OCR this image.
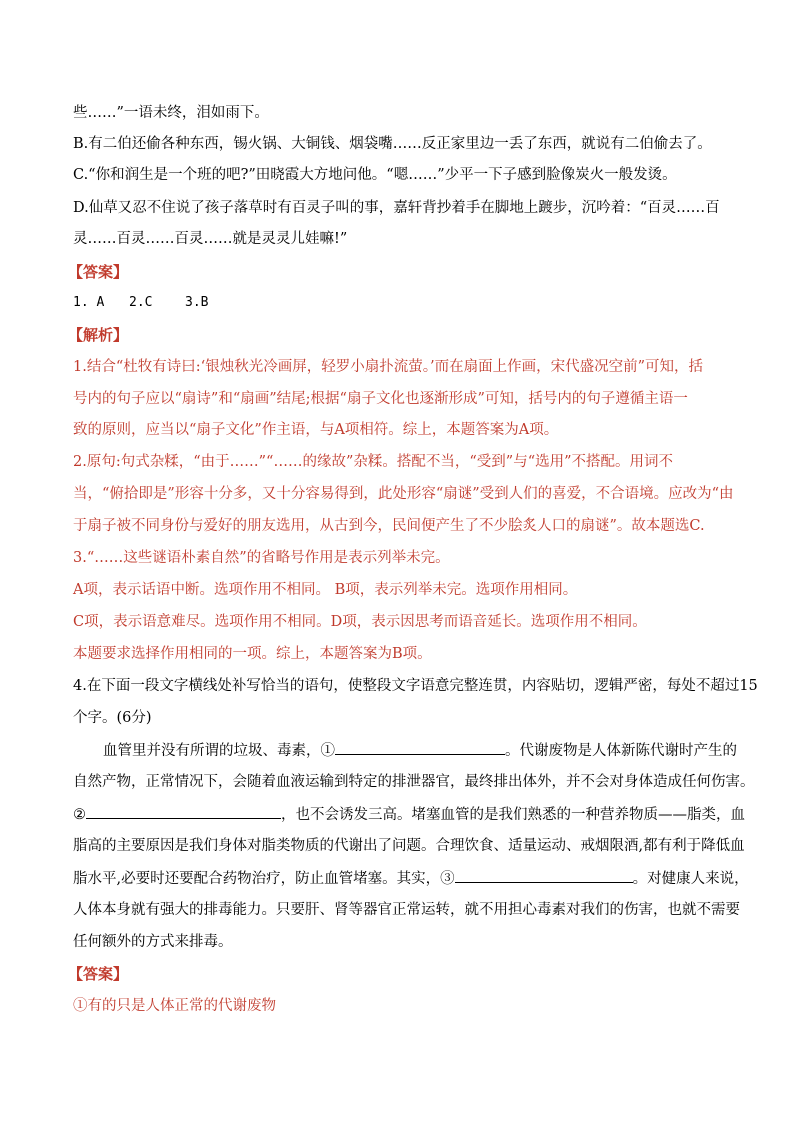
些……”一语未终，泪如雨下。
B.有二伯还偷各种东西，锡火锅、大铜钱、烟袋嘴……反正家里边一丢了东西，就说有二伯偷去了。
C.“你和润生是一个班的吧?”田晓霞大方地问他。“嗯……”少平一下子感到脸像炭火一般发烫。
D.仙草又忍不住说了孩子落草时有百灵子叫的事，嘉轩背抄着手在脚地上踱步，沉吟着：“百灵……百
灵……百灵……百灵……就是灵灵儿娃嘛!”
【答案】
1. A 2.C	3.B
【解析】
1.结合“杜牧有诗曰:‘银烛秋光冷画屏，轻罗小扇扑流萤。’而在扇面上作画，宋代盛况空前”可知，括
号内的句子应以“扇诗”和“扇画”结尾;根据“扇子文化也逐渐形成”可知，括号内的句子遵循主语一
致的原则，应当以“扇子文化”作主语，与A项相符。综上，本题答案为A项。
2.原句:句式杂糅，“由于……”“……的缘故”杂糅。搭配不当，“受到”与“选用”不搭配。用词不
当，“俯拾即是”形容十分多，又十分容易得到，此处形容“扇谜”受到人们的喜爱，不合语境。应改为“由
于扇子被不同身份与爱好的朋友选用，从古到今，民间便产生了不少脍炙人口的扇谜”。故本题选C.
3.“……这些谜语朴素自然”的省略号作用是表示列举未完。
A项，表示话语中断。选项作用不相同。 B项，表示列举未完。选项作用相同。
C项，表示语意难尽。选项作用不相同。D项，表示因思考而语音延长。选项作用不相同。
本题要求选择作用相同的一项。综上，本题答案为B项。
4.在下面一段文字横线处补写恰当的语句，使整段文字语意完整连贯，内容贴切，逻辑严密，每处不超过15
个字。(6分)
血管里并没有所谓的垃圾、毒素，①	。代谢废物是人体新陈代谢时产生的
自然产物，正常情况下，会随着血液运输到特定的排泄器官，最终排出体外，并不会对身体造成任何伤害。
②	，也不会诱发三高。堵塞血管的是我们熟悉的一种营养物质——脂类，血
脂高的主要原因是我们身体对脂类物质的代谢出了问题。合理饮食、适量运动、戒烟限酒,都有利于降低血
脂水平,必要时还要配合药物治疗，防止血管堵塞。其实，③	。对健康人来说，
人体本身就有强大的排毒能力。只要肝、肾等器官正常运转，就不用担心毒素对我们的伤害，也就不需要
任何额外的方式来排毒。
【答案】
①有的只是人体正常的代谢废物
